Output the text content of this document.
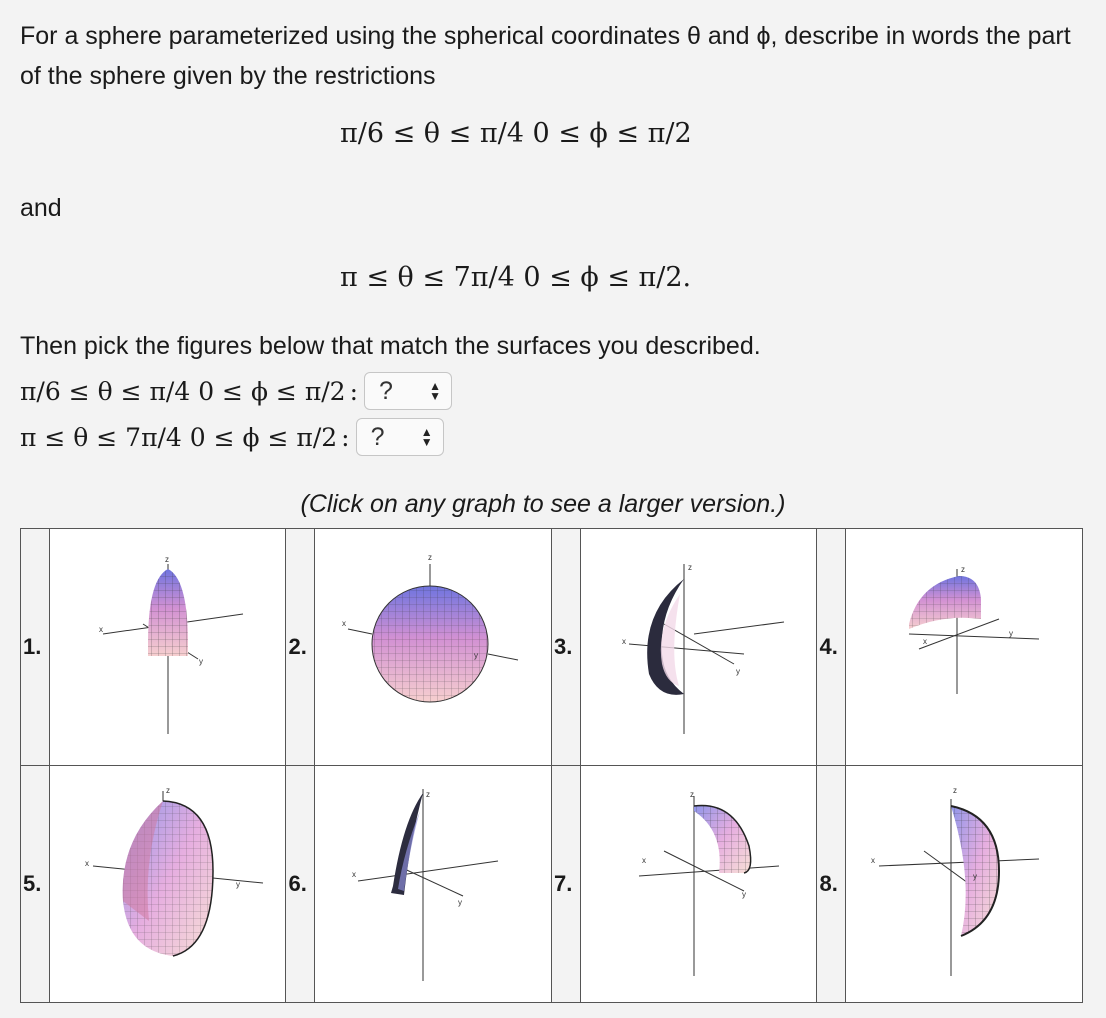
For a sphere parameterized using the spherical coordinates θ and ϕ, describe in words the part of the sphere given by the restrictions
π/6 ≤ θ ≤ π/4 0 ≤ ϕ ≤ π/2
and
π ≤ θ ≤ 7π/4 0 ≤ ϕ ≤ π/2.
Then pick the figures below that match the surfaces you described.
π/6 ≤ θ ≤ π/4 0 ≤ ϕ ≤ π/2 : ?	▲
▼
π ≤ θ ≤ 7π/4 0 ≤ ϕ ≤ π/2 : ?	▲
▼
(Click on any graph to see a larger version.)
1.	z
x
y	2.	z
x
y	3.	z
x
y	4.	z
x
y

5.	z
x
y	6.	z
x
y	7.	z
x
y	8.	z
x
y
